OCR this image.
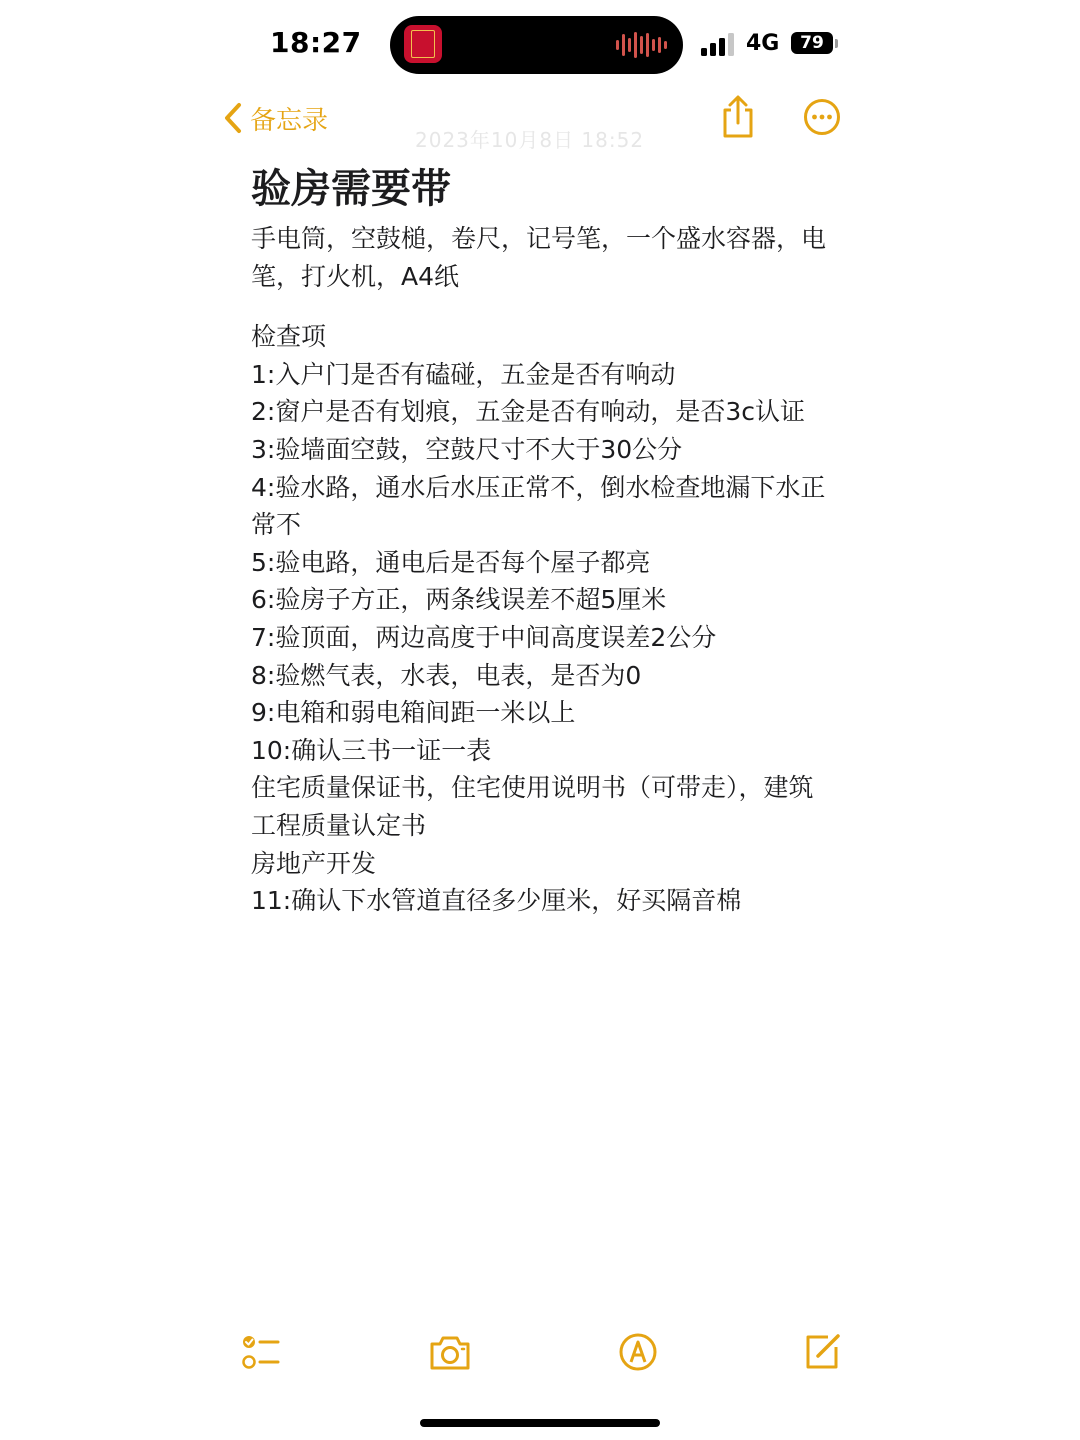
18:27	4G 79
备忘录
2023年10月8日 18:52
验房需要带
手电筒，空鼓槌，卷尺，记号笔，一个盛水容器，电笔，打火机，A4纸
检查项
1:入户门是否有磕碰，五金是否有响动
2:窗户是否有划痕，五金是否有响动，是否3c认证
3:验墙面空鼓，空鼓尺寸不大于30公分
4:验水路，通水后水压正常不，倒水检查地漏下水正常不
5:验电路，通电后是否每个屋子都亮
6:验房子方正，两条线误差不超5厘米
7:验顶面，两边高度于中间高度误差2公分
8:验燃气表，水表，电表，是否为0
9:电箱和弱电箱间距一米以上
10:确认三书一证一表
住宅质量保证书，住宅使用说明书（可带走），建筑工程质量认定书
房地产开发
11:确认下水管道直径多少厘米，好买隔音棉
